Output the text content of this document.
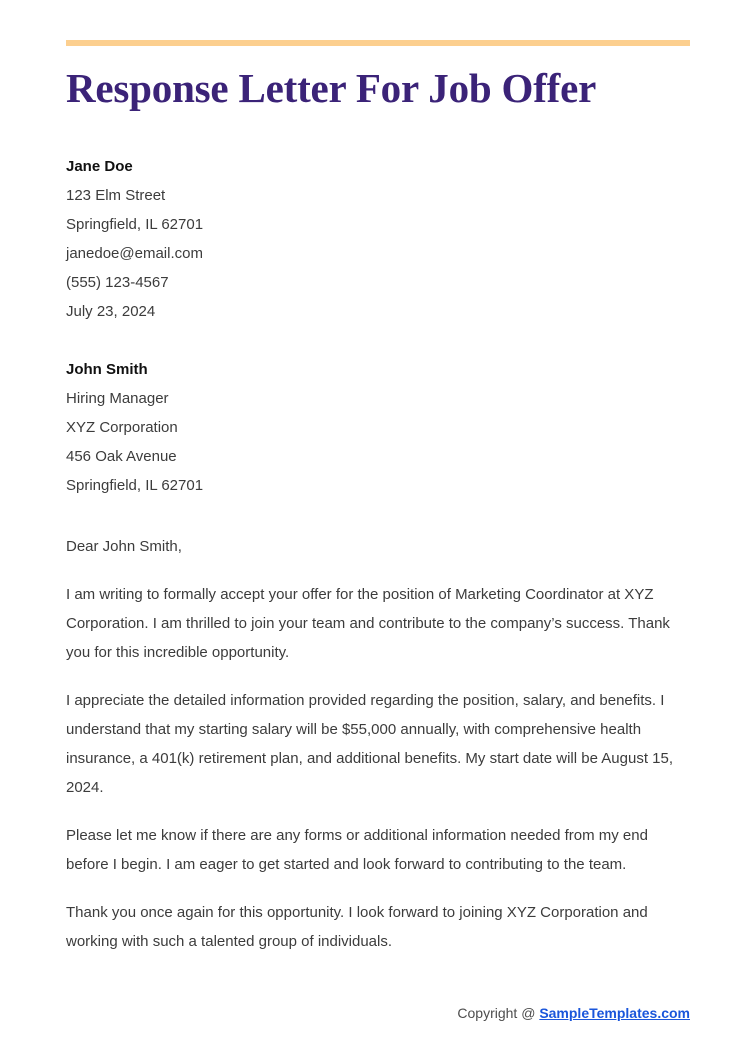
Response Letter For Job Offer
Jane Doe
123 Elm Street
Springfield, IL 62701
janedoe@email.com
(555) 123-4567
July 23, 2024
John Smith
Hiring Manager
XYZ Corporation
456 Oak Avenue
Springfield, IL 62701

Dear John Smith,

I am writing to formally accept your offer for the position of Marketing Coordinator at XYZ Corporation. I am thrilled to join your team and contribute to the company’s success. Thank you for this incredible opportunity.

I appreciate the detailed information provided regarding the position, salary, and benefits. I understand that my starting salary will be $55,000 annually, with comprehensive health insurance, a 401(k) retirement plan, and additional benefits. My start date will be August 15, 2024.

Please let me know if there are any forms or additional information needed from my end before I begin. I am eager to get started and look forward to contributing to the team.

Thank you once again for this opportunity. I look forward to joining XYZ Corporation and working with such a talented group of individuals.

Copyright @ SampleTemplates.com
